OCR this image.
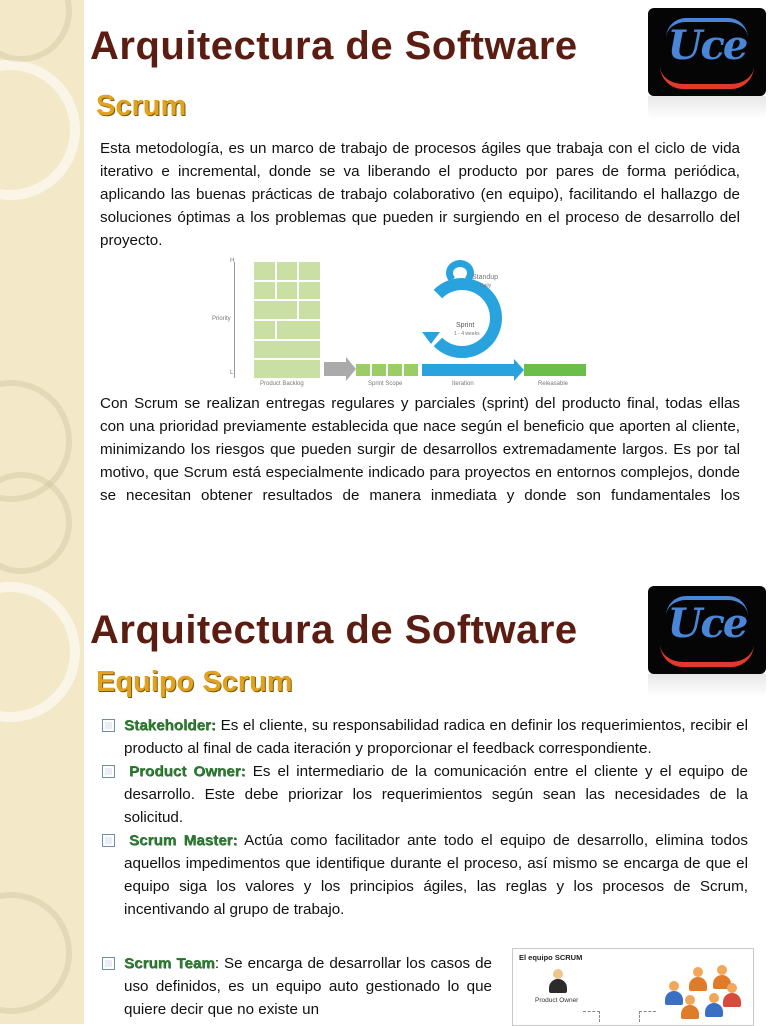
Arquitectura de Software
Scrum
Uce
Esta metodología, es un marco de trabajo de procesos ágiles que trabaja con el ciclo de vida iterativo e incremental, donde se va liberando el producto por pares de forma periódica, aplicando las buenas prácticas de trabajo colaborativo (en equipo), facilitando el hallazgo de soluciones óptimas a los problemas que pueden ir surgiendo en el proceso de desarrollo del proyecto.
H
Priority
L
Standup
Daily
Sprint
1 - 4 weeks
Product Backlog	Sprint Scope	Iteration	Releasable
Con Scrum se realizan entregas regulares y parciales (sprint) del producto final, todas ellas con una prioridad previamente establecida que nace según el beneficio que aporten al cliente, minimizando los riesgos que pueden surgir de desarrollos extremadamente largos. Es por tal motivo, que Scrum está especialmente indicado para proyectos en entornos complejos, donde se necesitan obtener resultados de manera inmediata y donde son fundamentales los
Arquitectura de Software
Equipo Scrum
Uce
Stakeholder: Es el cliente, su responsabilidad radica en definir los requerimientos, recibir el producto al final de cada iteración y proporcionar el feedback correspondiente.
Product Owner: Es el intermediario de la comunicación entre el cliente y el equipo de desarrollo. Este debe priorizar los requerimientos según sean las necesidades de la solicitud.
Scrum Master: Actúa como facilitador ante todo el equipo de desarrollo, elimina todos aquellos impedimentos que identifique durante el proceso, así mismo se encarga de que el equipo siga los valores y los principios ágiles, las reglas y los procesos de Scrum, incentivando al grupo de trabajo.
Scrum Team: Se encarga de desarrollar los casos de uso definidos, es un equipo auto gestionado lo que quiere decir que no existe un
El equipo SCRUM
Product Owner
